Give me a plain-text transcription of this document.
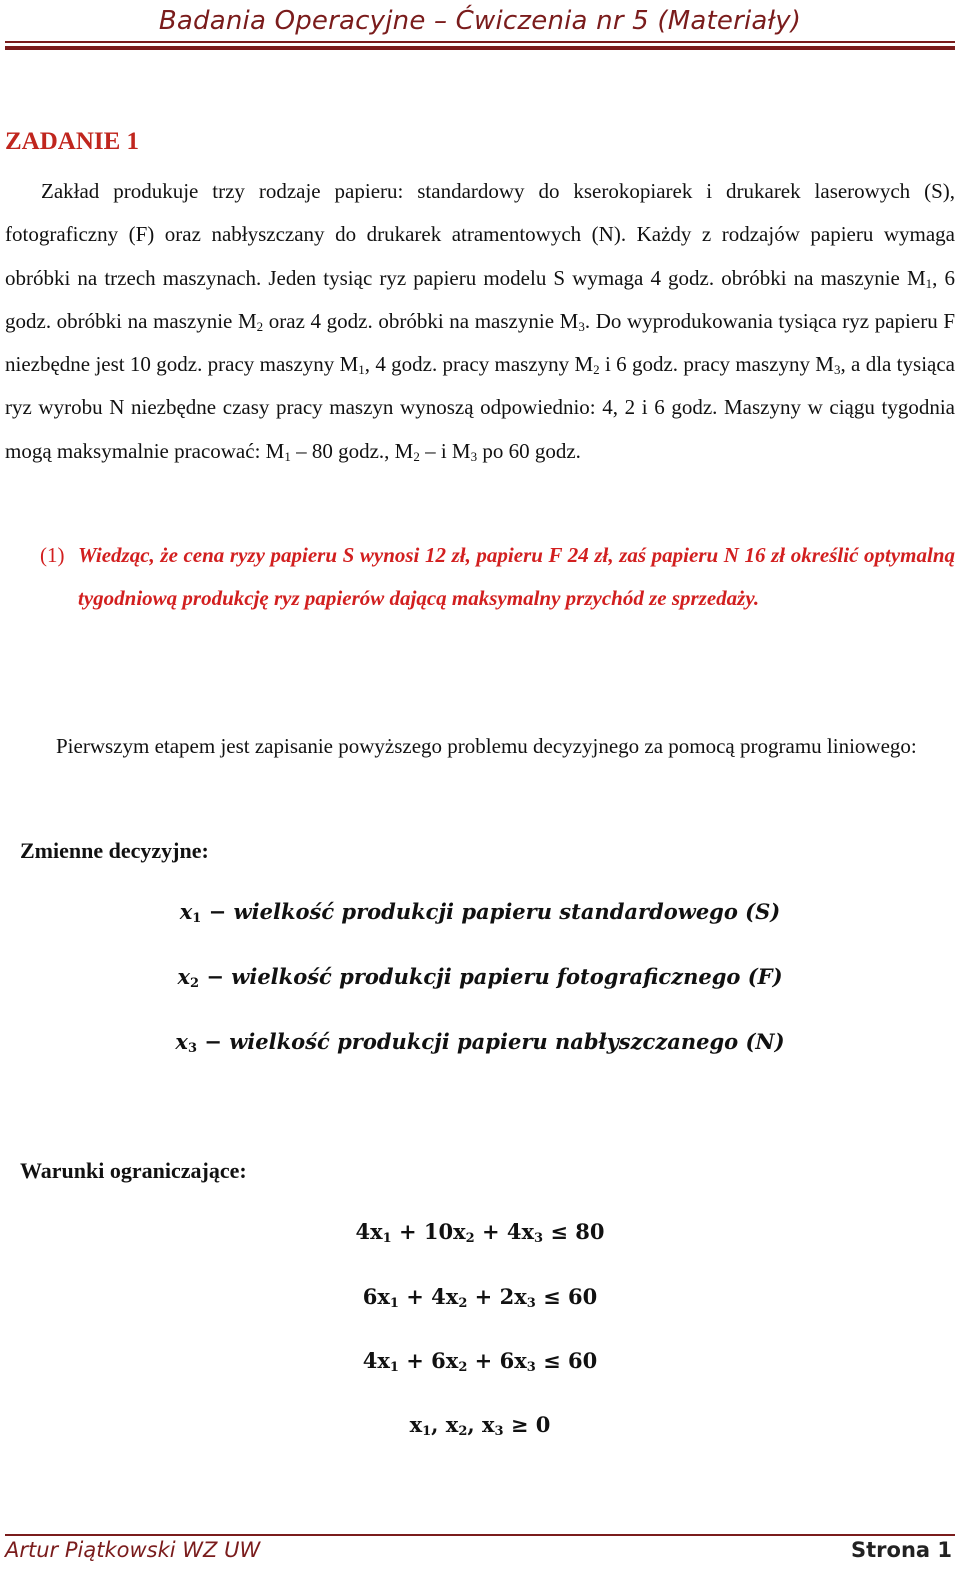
Badania Operacyjne – Ćwiczenia nr 5 (Materiały)
ZADANIE 1
Zakład produkuje trzy rodzaje papieru: standardowy do kserokopiarek i drukarek laserowych (S), fotograficzny (F) oraz nabłyszczany do drukarek atramentowych (N). Każdy z rodzajów papieru wymaga obróbki na trzech maszynach. Jeden tysiąc ryz papieru modelu S wymaga 4 godz. obróbki na maszynie $M_1$, 6 godz. obróbki na maszynie $M_2$ oraz 4 godz. obróbki na maszynie $M_3$. Do wyprodukowania tysiąca ryz papieru F niezbędne jest 10 godz. pracy maszyny $M_1$, 4 godz. pracy maszyny $M_2$ i 6 godz. pracy maszyny $M_3$, a dla tysiąca ryz wyrobu N niezbędne czasy pracy maszyn wynoszą odpowiednio: 4, 2 i 6 godz. Maszyny w ciągu tygodnia mogą maksymalnie pracować: $M_1 - 80$ godz., $M_2$ – i $M_3$ po 60 godz.
(1) Wiedząc, że cena ryzy papieru S wynosi 12 zł, papieru F 24 zł, zaś papieru N 16 zł określić optymalną tygodniową produkcję ryz papierów dającą maksymalny przychód ze sprzedaży.
Pierwszym etapem jest zapisanie powyższego problemu decyzyjnego za pomocą programu liniowego:
Zmienne decyzyjne:
$x_1$ − wielkość produkcji papieru standardowego (S)
$x_2$ − wielkość produkcji papieru fotograficznego (F)
$x_3$ − wielkość produkcji papieru nabłyszczanego (N)
Warunki ograniczające:
$4x_1 + 10x_2 + 4x_3 \le 80$
$6x_1 + 4x_2 + 2x_3 \le 60$
$4x_1 + 6x_2 + 6x_3 \le 60$
$x_1$, $x_2$, $x_3 \ge 0$
Artur Piątkowski WZ UW	Strona 1
